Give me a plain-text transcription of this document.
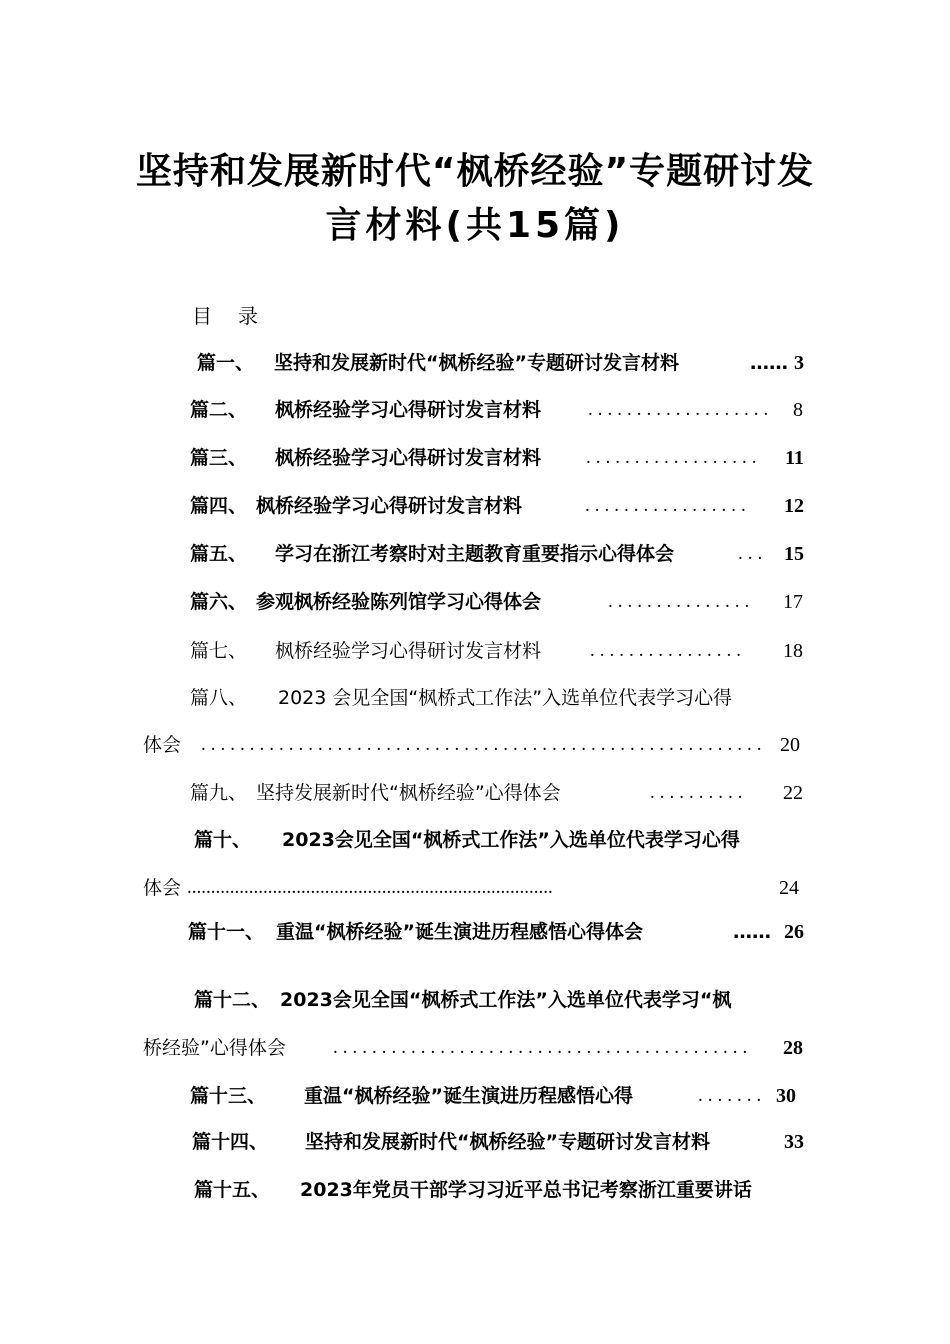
坚持和发展新时代“枫桥经验”专题研讨发
言材料(共15篇)
目 录
篇一、 坚持和发展新时代“枫桥经验”专题研讨发言材料	…… 3
篇二、 枫桥经验学习心得研讨发言材料 ................... 8
篇三、 枫桥经验学习心得研讨发言材料 ..................	11
篇四、 枫桥经验学习心得研讨发言材料	.................	12
篇五、 学习在浙江考察时对主题教育重要指示心得体会	... 15
篇六、 参观枫桥经验陈列馆学习心得体会	...............	17
篇七、 枫桥经验学习心得研讨发言材料	................	18
篇八、 2023 会见全国“枫桥式工作法”入选单位代表学习心得
体会 .......................................................... 20
篇九、 坚持发展新时代“枫桥经验”心得体会	..........	22
篇十、 2023会见全国“枫桥式工作法”入选单位代表学习心得
体会 .............................................................................	24
篇十一、 重温“枫桥经验”诞生演进历程感悟心得体会	…… 26
篇十二、 2023会见全国“枫桥式工作法”入选单位代表学习“枫
桥经验”心得体会 ...........................................	28
篇十三、 重温“枫桥经验”诞生演进历程感悟心得	....... 30
篇十四、 坚持和发展新时代“枫桥经验”专题研讨发言材料	33
篇十五、 2023年党员干部学习习近平总书记考察浙江重要讲话
